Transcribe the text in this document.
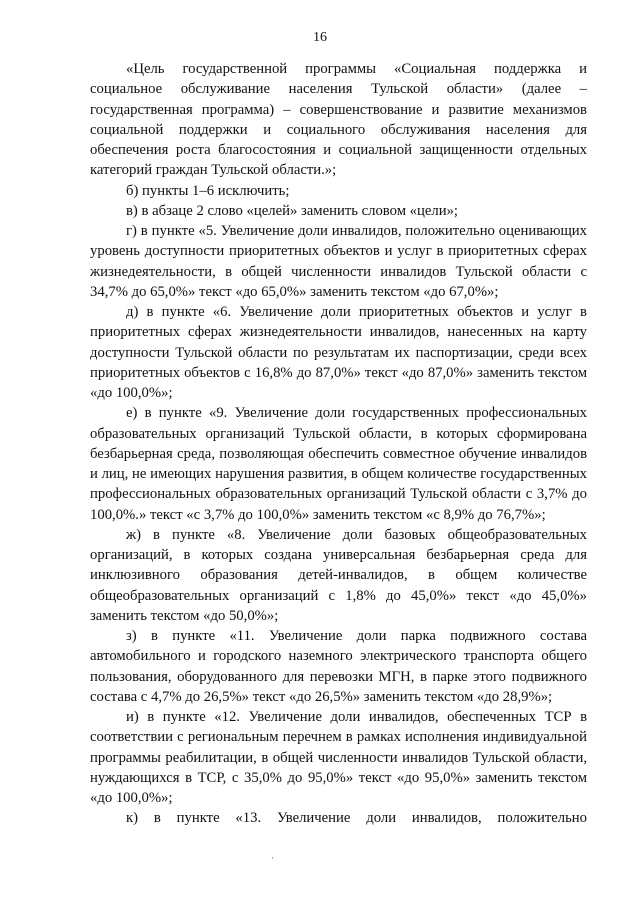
16

«Цель государственной программы «Социальная поддержка и социальное обслуживание населения Тульской области» (далее – государственная программа) – совершенствование и развитие механизмов социальной поддержки и социального обслуживания населения для обеспечения роста благосостояния и социальной защищенности отдельных категорий граждан Тульской области.»;

б) пункты 1–6 исключить;

в) в абзаце 2 слово «целей» заменить словом «цели»;

г) в пункте «5. Увеличение доли инвалидов, положительно оценивающих уровень доступности приоритетных объектов и услуг в приоритетных сферах жизнедеятельности, в общей численности инвалидов Тульской области с 34,7% до 65,0%» текст «до 65,0%» заменить текстом «до 67,0%»;

д) в пункте «6. Увеличение доли приоритетных объектов и услуг в приоритетных сферах жизнедеятельности инвалидов, нанесенных на карту доступности Тульской области по результатам их паспортизации, среди всех приоритетных объектов с 16,8% до 87,0%» текст «до 87,0%» заменить текстом «до 100,0%»;

е) в пункте «9. Увеличение доли государственных профессиональных образовательных организаций Тульской области, в которых сформирована безбарьерная среда, позволяющая обеспечить совместное обучение инвалидов и лиц, не имеющих нарушения развития, в общем количестве государственных профессиональных образовательных организаций Тульской области с 3,7% до 100,0%.» текст «с 3,7% до 100,0%» заменить текстом «с 8,9% до 76,7%»;

ж) в пункте «8. Увеличение доли базовых общеобразовательных организаций, в которых создана универсальная безбарьерная среда для инклюзивного образования детей-инвалидов, в общем количестве общеобразовательных организаций с 1,8% до 45,0%» текст «до 45,0%» заменить текстом «до 50,0%»;

з) в пункте «11. Увеличение доли парка подвижного состава автомобильного и городского наземного электрического транспорта общего пользования, оборудованного для перевозки МГН, в парке этого подвижного состава с 4,7% до 26,5%» текст «до 26,5%» заменить текстом «до 28,9%»;

и) в пункте «12. Увеличение доли инвалидов, обеспеченных ТСР в соответствии с региональным перечнем в рамках исполнения индивидуальной программы реабилитации, в общей численности инвалидов Тульской области, нуждающихся в ТСР, с 35,0% до 95,0%» текст «до 95,0%» заменить текстом «до 100,0%»;

к) в пункте «13. Увеличение доли инвалидов, положительно

·
